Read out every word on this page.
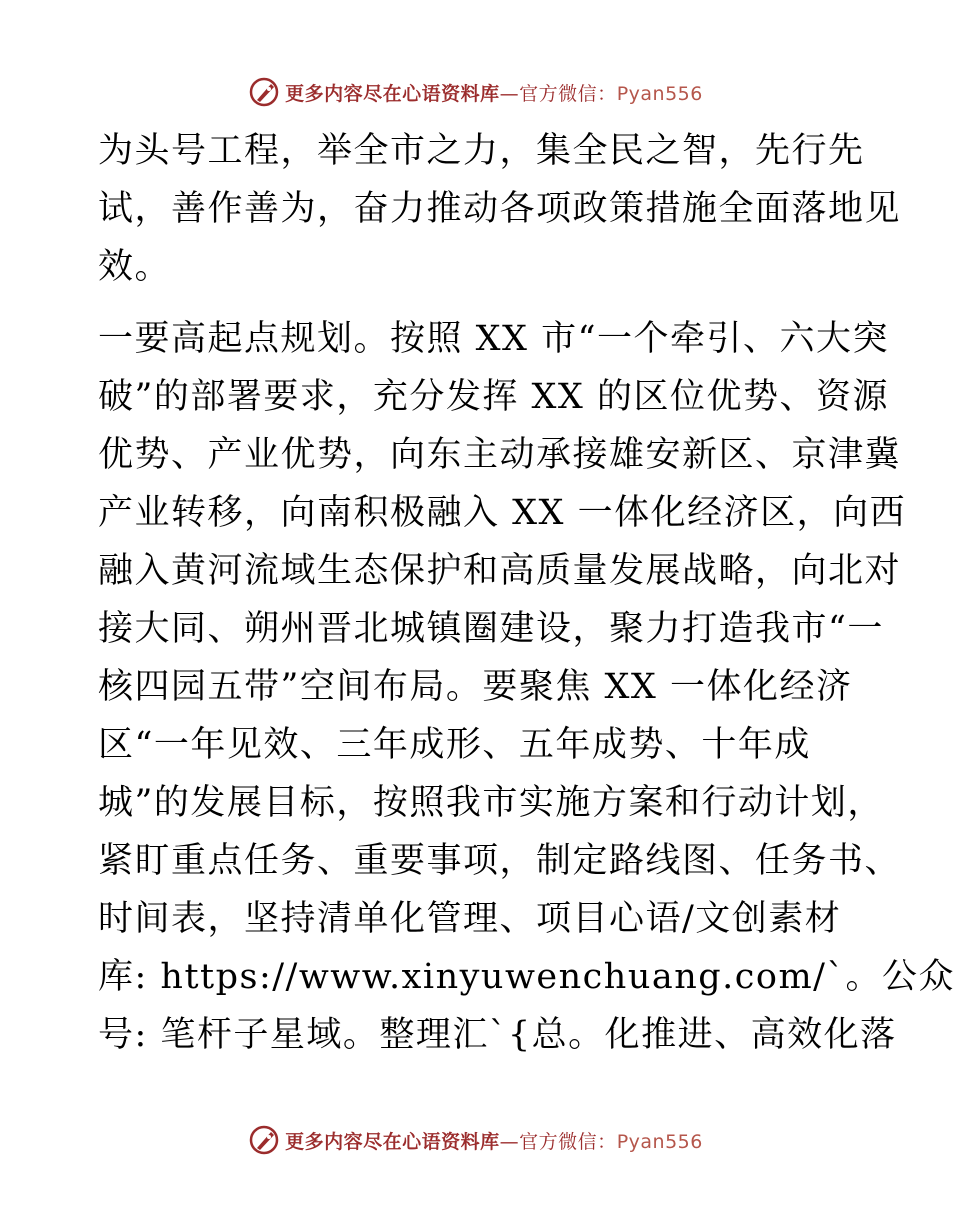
更多内容尽在心语资料库—官方微信：Pyan556
为头号工程，举全市之力，集全民之智，先行先
试，善作善为，奋力推动各项政策措施全面落地见
效。
一要高起点规划。按照 XX 市“一个牵引、六大突
破”的部署要求，充分发挥 XX 的区位优势、资源
优势、产业优势，向东主动承接雄安新区、京津冀
产业转移，向南积极融入 XX 一体化经济区，向西
融入黄河流域生态保护和高质量发展战略，向北对
接大同、朔州晋北城镇圈建设，聚力打造我市“一
核四园五带”空间布局。要聚焦 XX 一体化经济
区“一年见效、三年成形、五年成势、十年成
城”的发展目标，按照我市实施方案和行动计划，
紧盯重点任务、重要事项，制定路线图、任务书、
时间表，坚持清单化管理、项目心语/文创素材
库: https://www.xinyuwenchuang.com/`。公众
号: 笔杆子星域。整理汇`{总。化推进、高效化落
更多内容尽在心语资料库—官方微信：Pyan556
